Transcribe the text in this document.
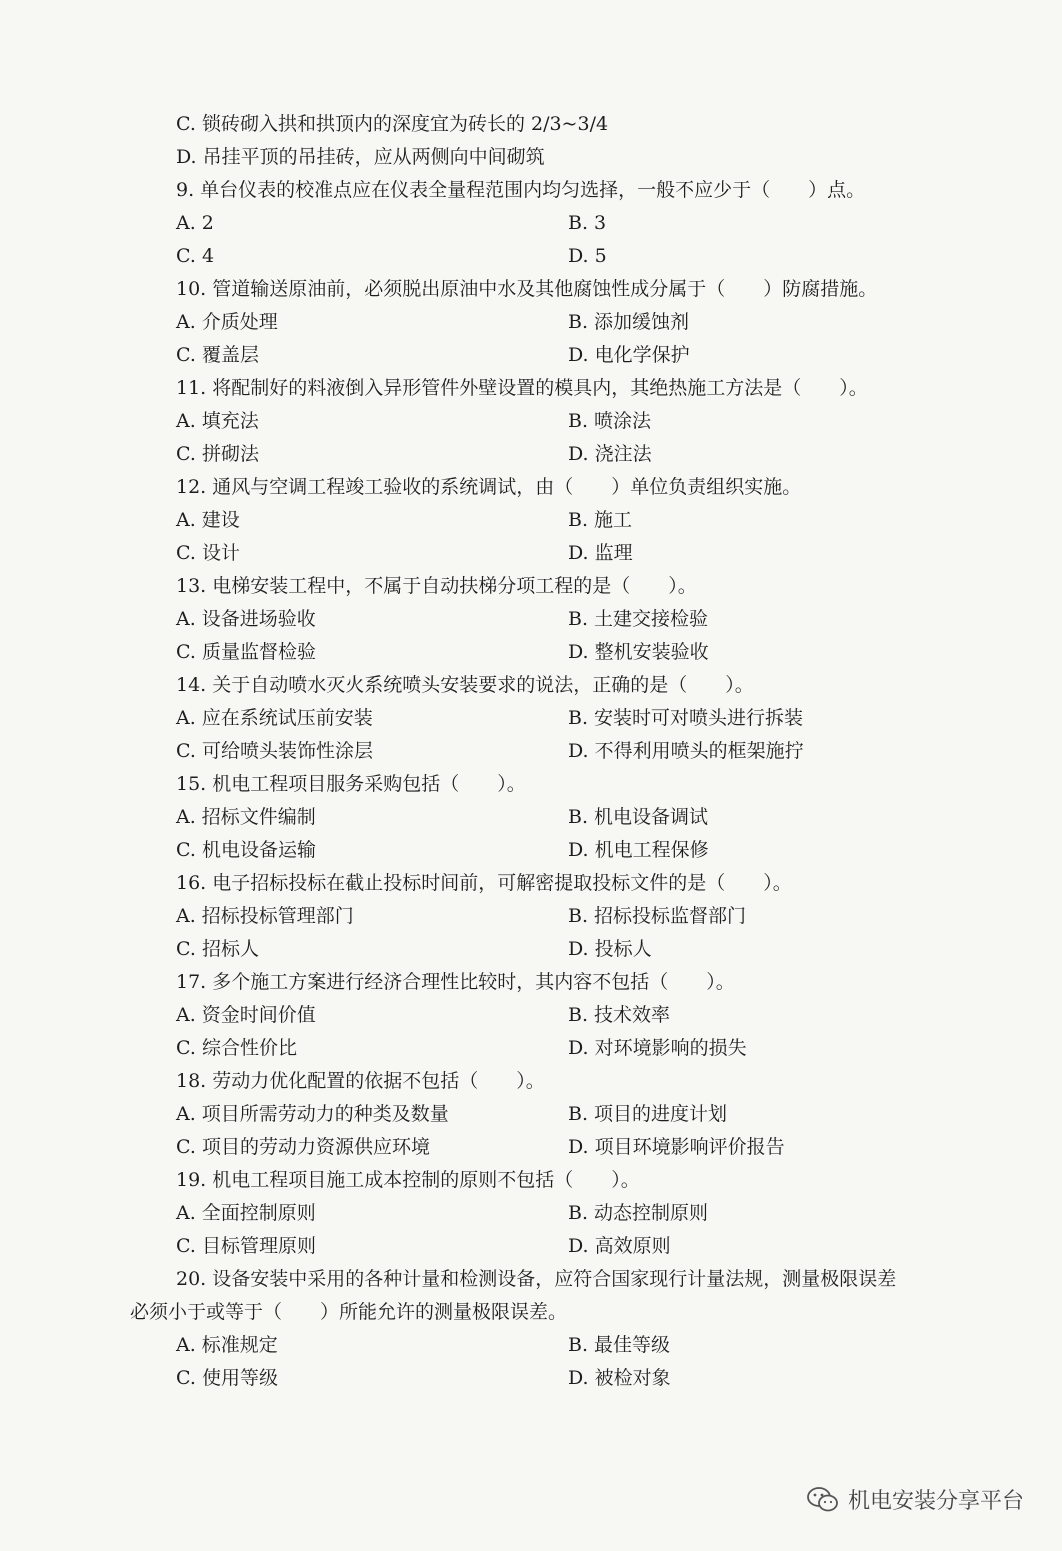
C. 锁砖砌入拱和拱顶内的深度宜为砖长的 2/3~3/4
D. 吊挂平顶的吊挂砖，应从两侧向中间砌筑
9. 单台仪表的校准点应在仪表全量程范围内均匀选择，一般不应少于（　　）点。
A. 2	B. 3
C. 4	D. 5
10. 管道输送原油前，必须脱出原油中水及其他腐蚀性成分属于（　　）防腐措施。
A. 介质处理	B. 添加缓蚀剂
C. 覆盖层	D. 电化学保护
11. 将配制好的料液倒入异形管件外壁设置的模具内，其绝热施工方法是（　　）。
A. 填充法	B. 喷涂法
C. 拼砌法	D. 浇注法
12. 通风与空调工程竣工验收的系统调试，由（　　）单位负责组织实施。
A. 建设	B. 施工
C. 设计	D. 监理
13. 电梯安装工程中，不属于自动扶梯分项工程的是（　　）。
A. 设备进场验收	B. 土建交接检验
C. 质量监督检验	D. 整机安装验收
14. 关于自动喷水灭火系统喷头安装要求的说法，正确的是（　　）。
A. 应在系统试压前安装	B. 安装时可对喷头进行拆装
C. 可给喷头装饰性涂层	D. 不得利用喷头的框架施拧
15. 机电工程项目服务采购包括（　　）。
A. 招标文件编制	B. 机电设备调试
C. 机电设备运输	D. 机电工程保修
16. 电子招标投标在截止投标时间前，可解密提取投标文件的是（　　）。
A. 招标投标管理部门	B. 招标投标监督部门
C. 招标人	D. 投标人
17. 多个施工方案进行经济合理性比较时，其内容不包括（　　）。
A. 资金时间价值	B. 技术效率
C. 综合性价比	D. 对环境影响的损失
18. 劳动力优化配置的依据不包括（　　）。
A. 项目所需劳动力的种类及数量	B. 项目的进度计划
C. 项目的劳动力资源供应环境	D. 项目环境影响评价报告
19. 机电工程项目施工成本控制的原则不包括（　　）。
A. 全面控制原则	B. 动态控制原则
C. 目标管理原则	D. 高效原则
20. 设备安装中采用的各种计量和检测设备，应符合国家现行计量法规，测量极限误差
必须小于或等于（　　）所能允许的测量极限误差。
A. 标准规定	B. 最佳等级
C. 使用等级	D. 被检对象
机电安装分享平台
